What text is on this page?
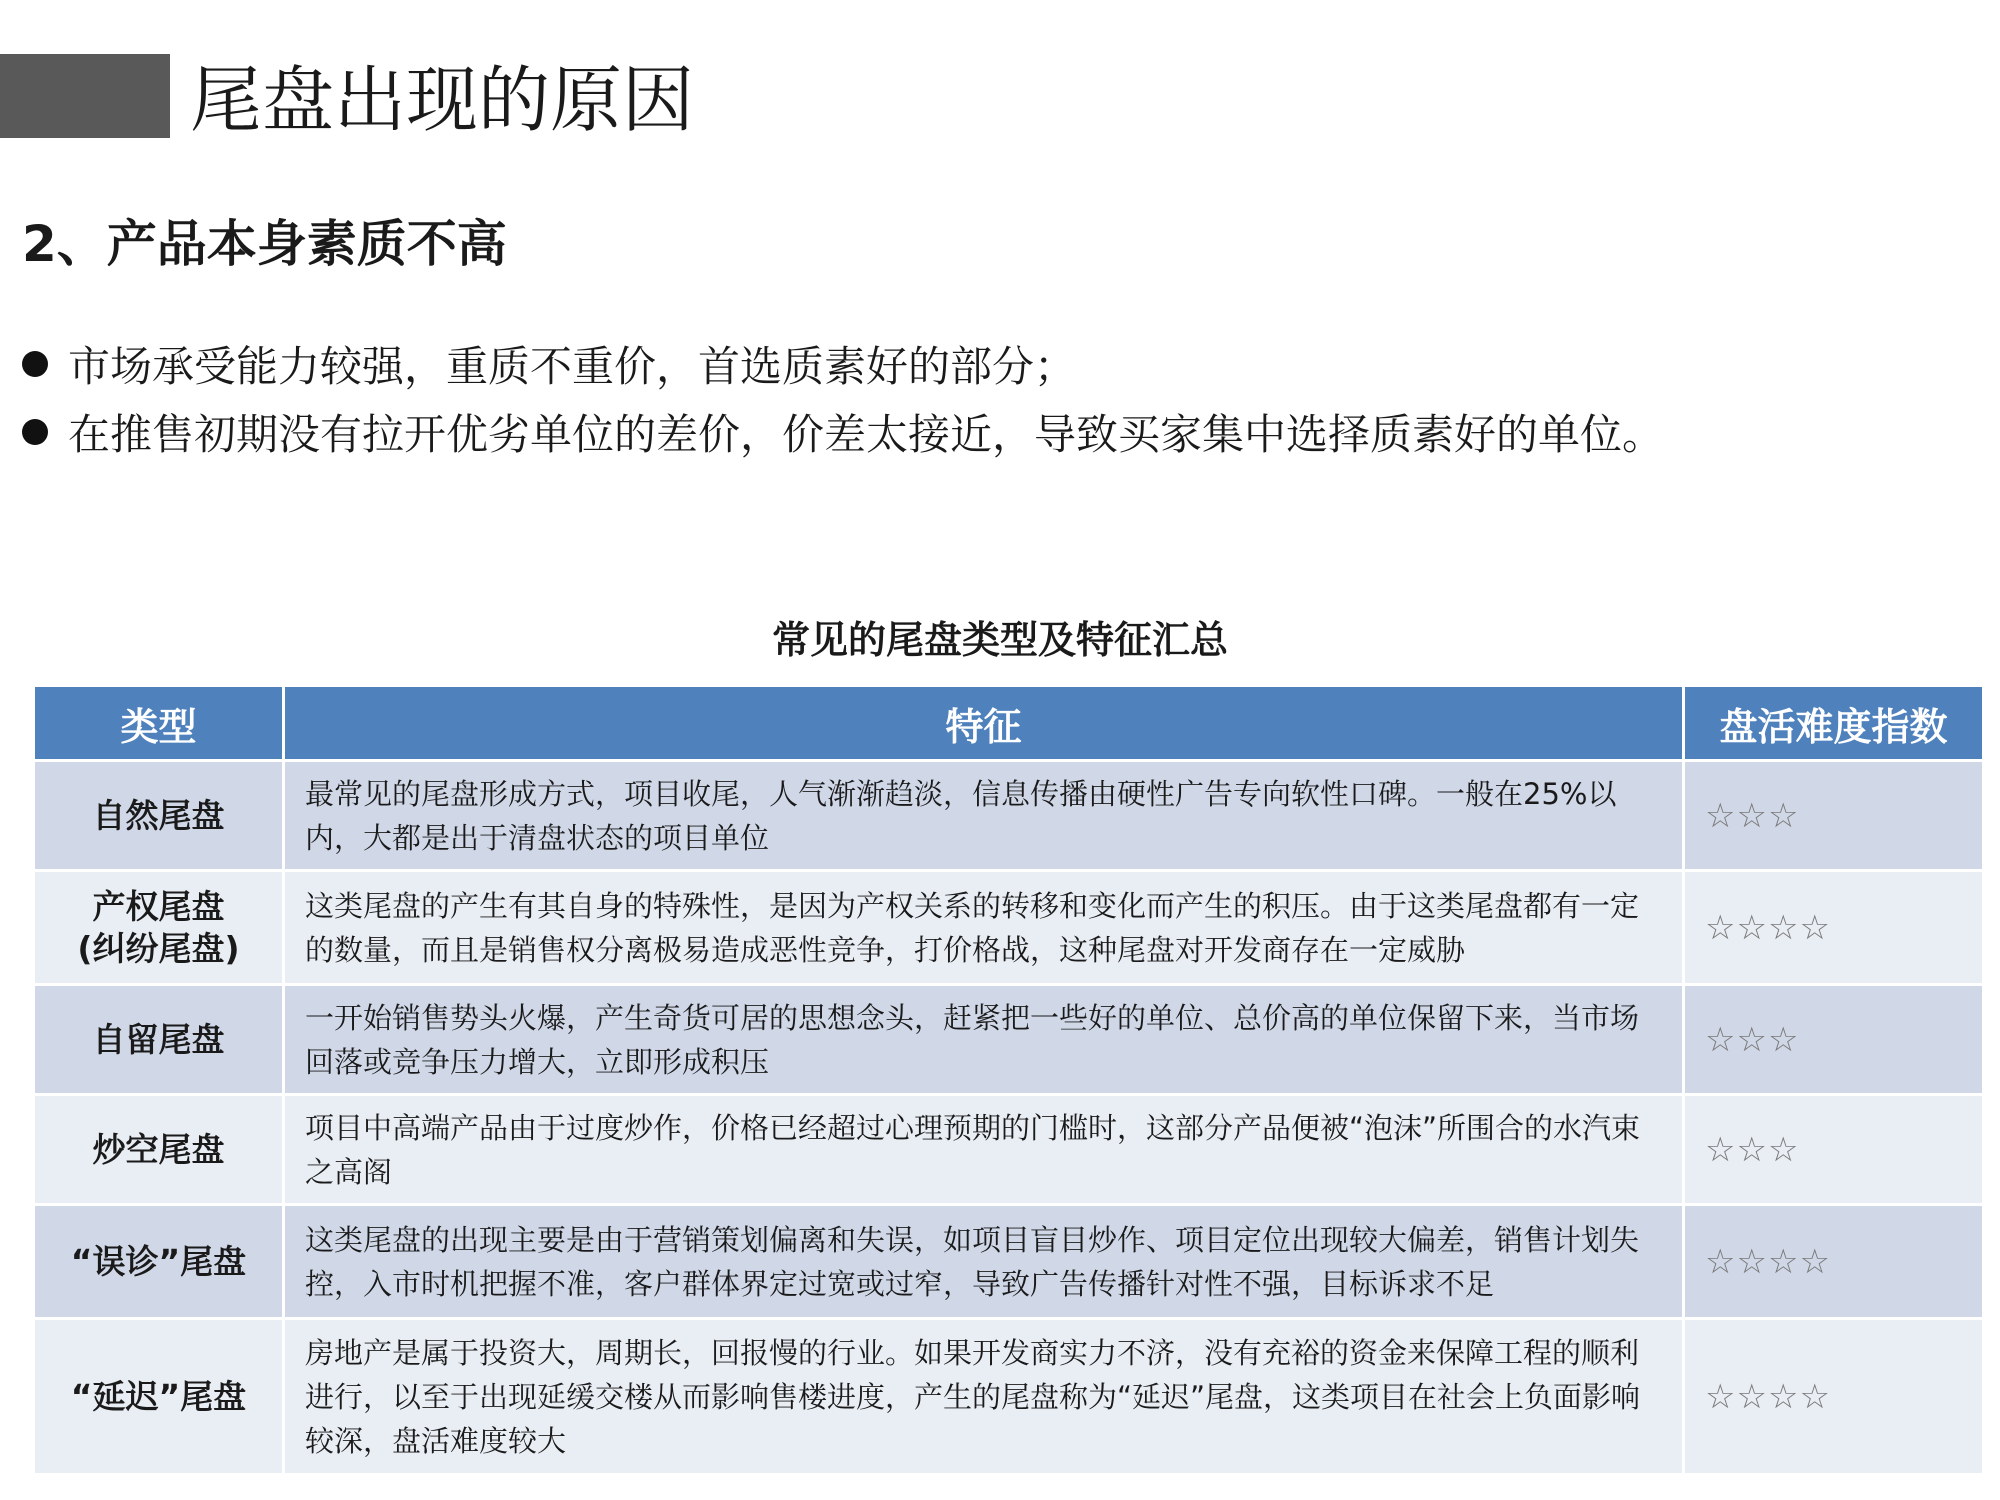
尾盘出现的原因
2、产品本身素质不高
市场承受能力较强，重质不重价，首选质素好的部分；
在推售初期没有拉开优劣单位的差价，价差太接近，导致买家集中选择质素好的单位。
常见的尾盘类型及特征汇总
类型	特征	盘活难度指数
自然尾盘	最常见的尾盘形成方式，项目收尾，人气渐渐趋淡，信息传播由硬性广告专向软性口碑。一般在25%以内，大都是出于清盘状态的项目单位	☆☆☆
产权尾盘
(纠纷尾盘)	这类尾盘的产生有其自身的特殊性，是因为产权关系的转移和变化而产生的积压。由于这类尾盘都有一定的数量，而且是销售权分离极易造成恶性竞争，打价格战，这种尾盘对开发商存在一定威胁	☆☆☆☆
自留尾盘	一开始销售势头火爆，产生奇货可居的思想念头，赶紧把一些好的单位、总价高的单位保留下来，当市场回落或竞争压力增大，立即形成积压	☆☆☆
炒空尾盘	项目中高端产品由于过度炒作，价格已经超过心理预期的门槛时，这部分产品便被“泡沫”所围合的水汽束之高阁	☆☆☆
“误诊”尾盘	这类尾盘的出现主要是由于营销策划偏离和失误，如项目盲目炒作、项目定位出现较大偏差，销售计划失控，入市时机把握不准，客户群体界定过宽或过窄，导致广告传播针对性不强，目标诉求不足	☆☆☆☆
“延迟”尾盘	房地产是属于投资大，周期长，回报慢的行业。如果开发商实力不济，没有充裕的资金来保障工程的顺利进行，以至于出现延缓交楼从而影响售楼进度，产生的尾盘称为“延迟”尾盘，这类项目在社会上负面影响较深，盘活难度较大	☆☆☆☆
